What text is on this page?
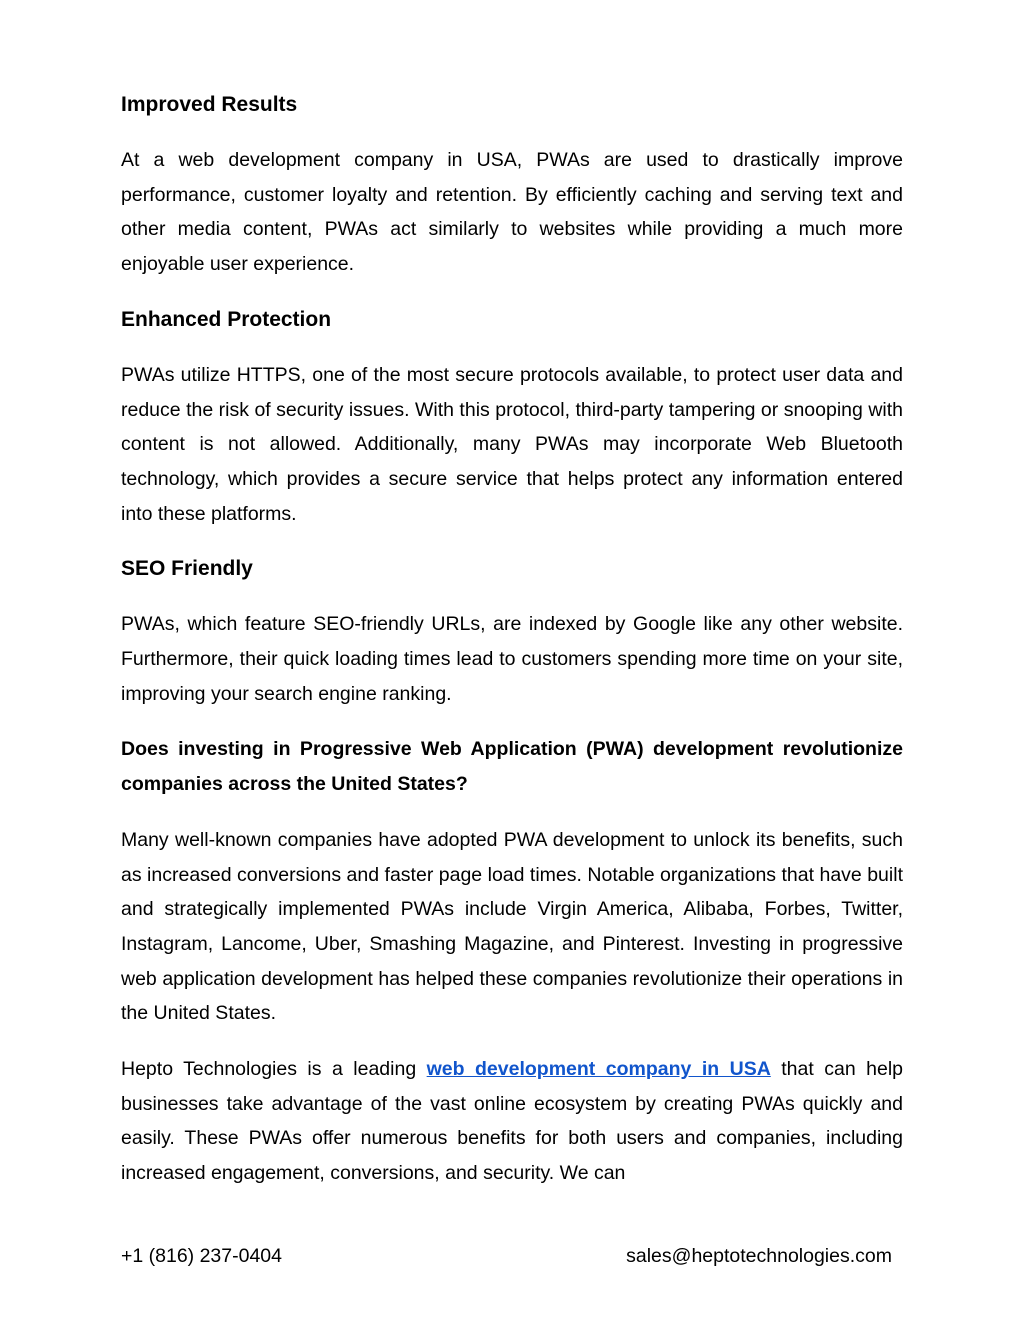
Improved Results

At a web development company in USA, PWAs are used to drastically improve performance, customer loyalty and retention. By efficiently caching and serving text and other media content, PWAs act similarly to websites while providing a much more enjoyable user experience.

Enhanced Protection

PWAs utilize HTTPS, one of the most secure protocols available, to protect user data and reduce the risk of security issues. With this protocol, third-party tampering or snooping with content is not allowed. Additionally, many PWAs may incorporate Web Bluetooth technology, which provides a secure service that helps protect any information entered into these platforms.

SEO Friendly

PWAs, which feature SEO-friendly URLs, are indexed by Google like any other website. Furthermore, their quick loading times lead to customers spending more time on your site, improving your search engine ranking.

Does investing in Progressive Web Application (PWA) development revolutionize companies across the United States?

Many well-known companies have adopted PWA development to unlock its benefits, such as increased conversions and faster page load times. Notable organizations that have built and strategically implemented PWAs include Virgin America, Alibaba, Forbes, Twitter, Instagram, Lancome, Uber, Smashing Magazine, and Pinterest. Investing in progressive web application development has helped these companies revolutionize their operations in the United States.

Hepto Technologies is a leading web development company in USA that can help businesses take advantage of the vast online ecosystem by creating PWAs quickly and easily. These PWAs offer numerous benefits for both users and companies, including increased engagement, conversions, and security. We can

+1 (816) 237-0404	sales@heptotechnologies.com
